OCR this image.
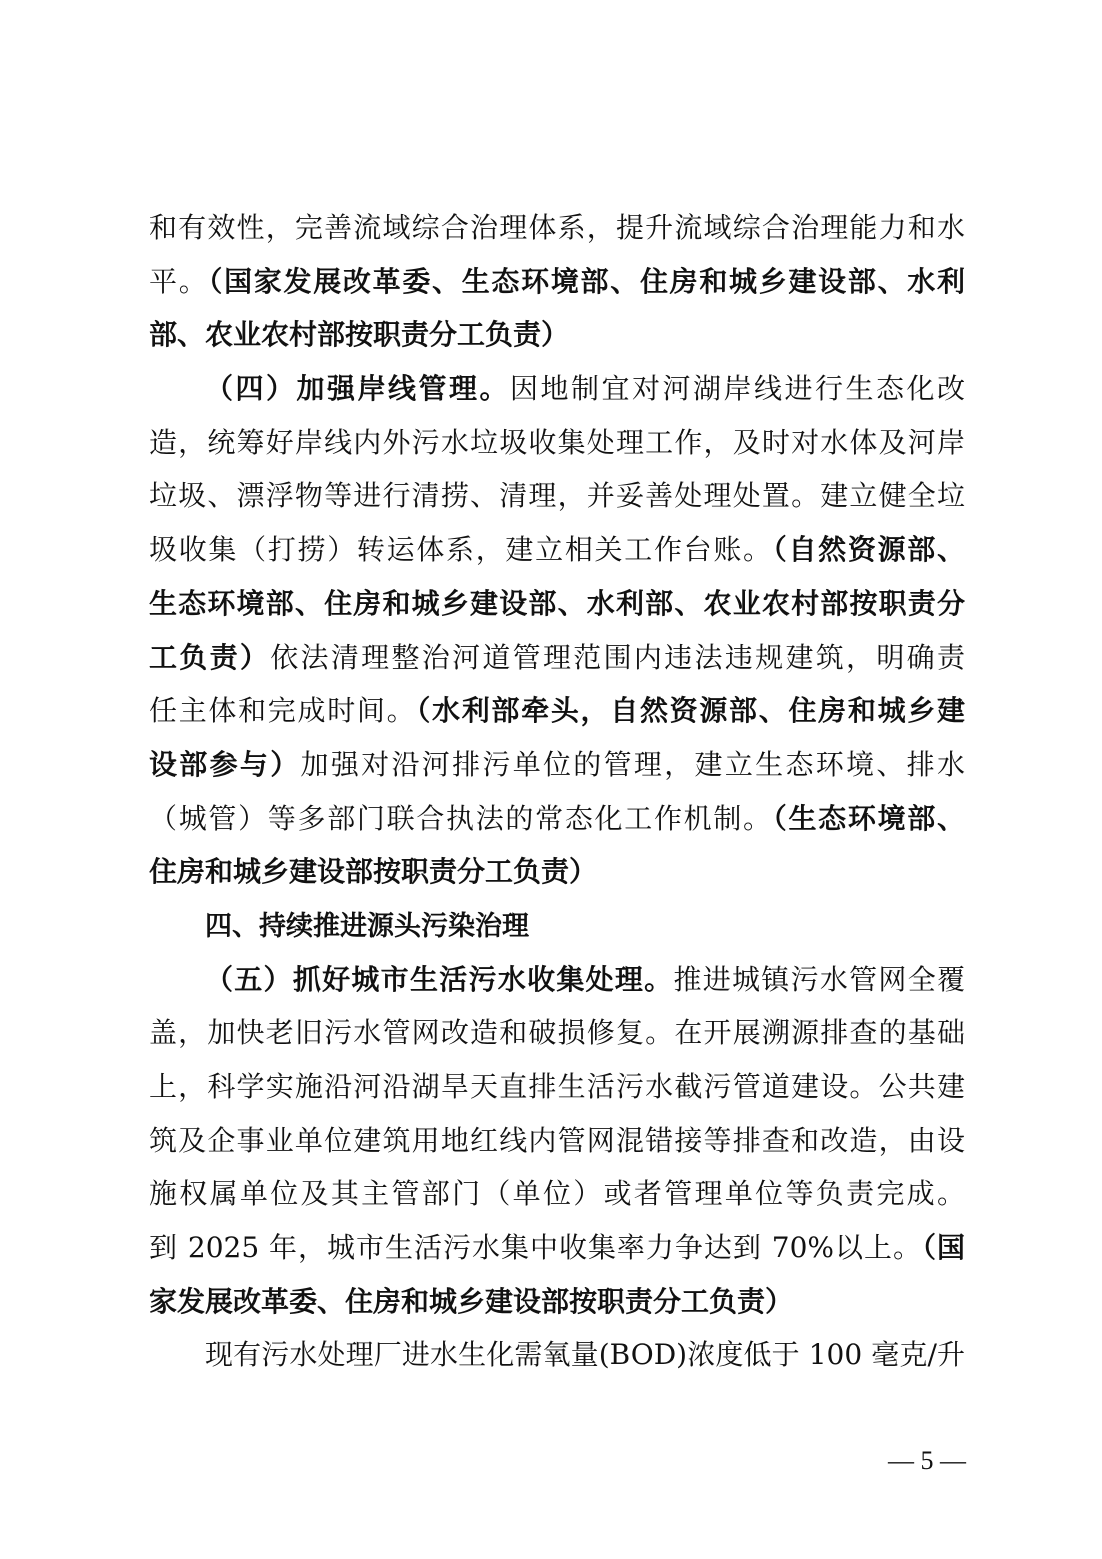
和有效性，完善流域综合治理体系，提升流域综合治理能力和水
平。（国家发展改革委、生态环境部、住房和城乡建设部、水利
部、农业农村部按职责分工负责）
（四）加强岸线管理。因地制宜对河湖岸线进行生态化改
造，统筹好岸线内外污水垃圾收集处理工作，及时对水体及河岸
垃圾、漂浮物等进行清捞、清理，并妥善处理处置。建立健全垃
圾收集（打捞）转运体系，建立相关工作台账。（自然资源部、
生态环境部、住房和城乡建设部、水利部、农业农村部按职责分
工负责）依法清理整治河道管理范围内违法违规建筑，明确责
任主体和完成时间。（水利部牵头，自然资源部、住房和城乡建
设部参与）加强对沿河排污单位的管理，建立生态环境、排水
（城管）等多部门联合执法的常态化工作机制。（生态环境部、
住房和城乡建设部按职责分工负责）
四、持续推进源头污染治理
（五）抓好城市生活污水收集处理。推进城镇污水管网全覆
盖，加快老旧污水管网改造和破损修复。在开展溯源排查的基础
上，科学实施沿河沿湖旱天直排生活污水截污管道建设。公共建
筑及企事业单位建筑用地红线内管网混错接等排查和改造，由设
施权属单位及其主管部门（单位）或者管理单位等负责完成。
到 2025 年，城市生活污水集中收集率力争达到 70%以上。（国
家发展改革委、住房和城乡建设部按职责分工负责）
现有污水处理厂进水生化需氧量(BOD)浓度低于 100 毫克/升
— 5 —
